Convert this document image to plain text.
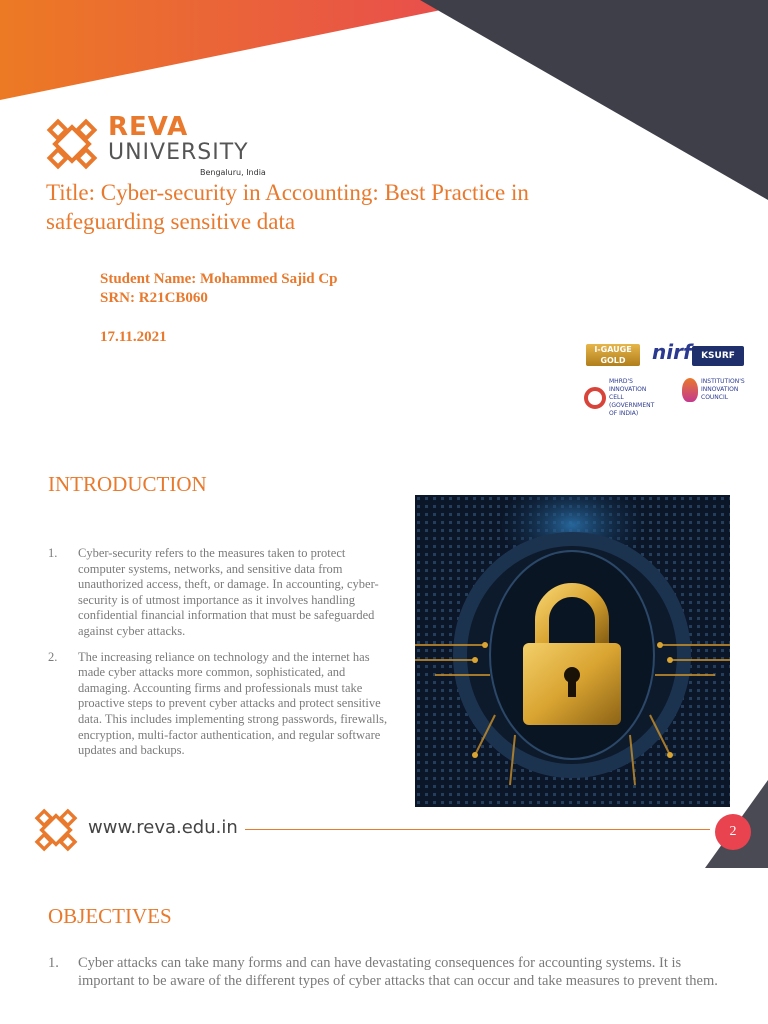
REVA
UNIVERSITY
Bengaluru, India
Title: Cyber-security in Accounting: Best Practice in safeguarding sensitive data
Student Name: Mohammed Sajid Cp
SRN: R21CB060
17.11.2021
I-GAUGE
GOLD	nirf	KSURF
MHRD'S INNOVATION CELL (GOVERNMENT OF INDIA)
INSTITUTION'S INNOVATION COUNCIL
INTRODUCTION
1. Cyber-security refers to the measures taken to protect computer systems, networks, and sensitive data from unauthorized access, theft, or damage. In accounting, cyber-security is of utmost importance as it involves handling confidential financial information that must be safeguarded against cyber attacks.
2. The increasing reliance on technology and the internet has made cyber attacks more common, sophisticated, and damaging. Accounting firms and professionals must take proactive steps to prevent cyber attacks and protect sensitive data. This includes implementing strong passwords, firewalls, encryption, multi-factor authentication, and regular software updates and backups.
www.reva.edu.in	2
OBJECTIVES
1. Cyber attacks can take many forms and can have devastating consequences for accounting systems. It is important to be aware of the different types of cyber attacks that can occur and take measures to prevent them.
